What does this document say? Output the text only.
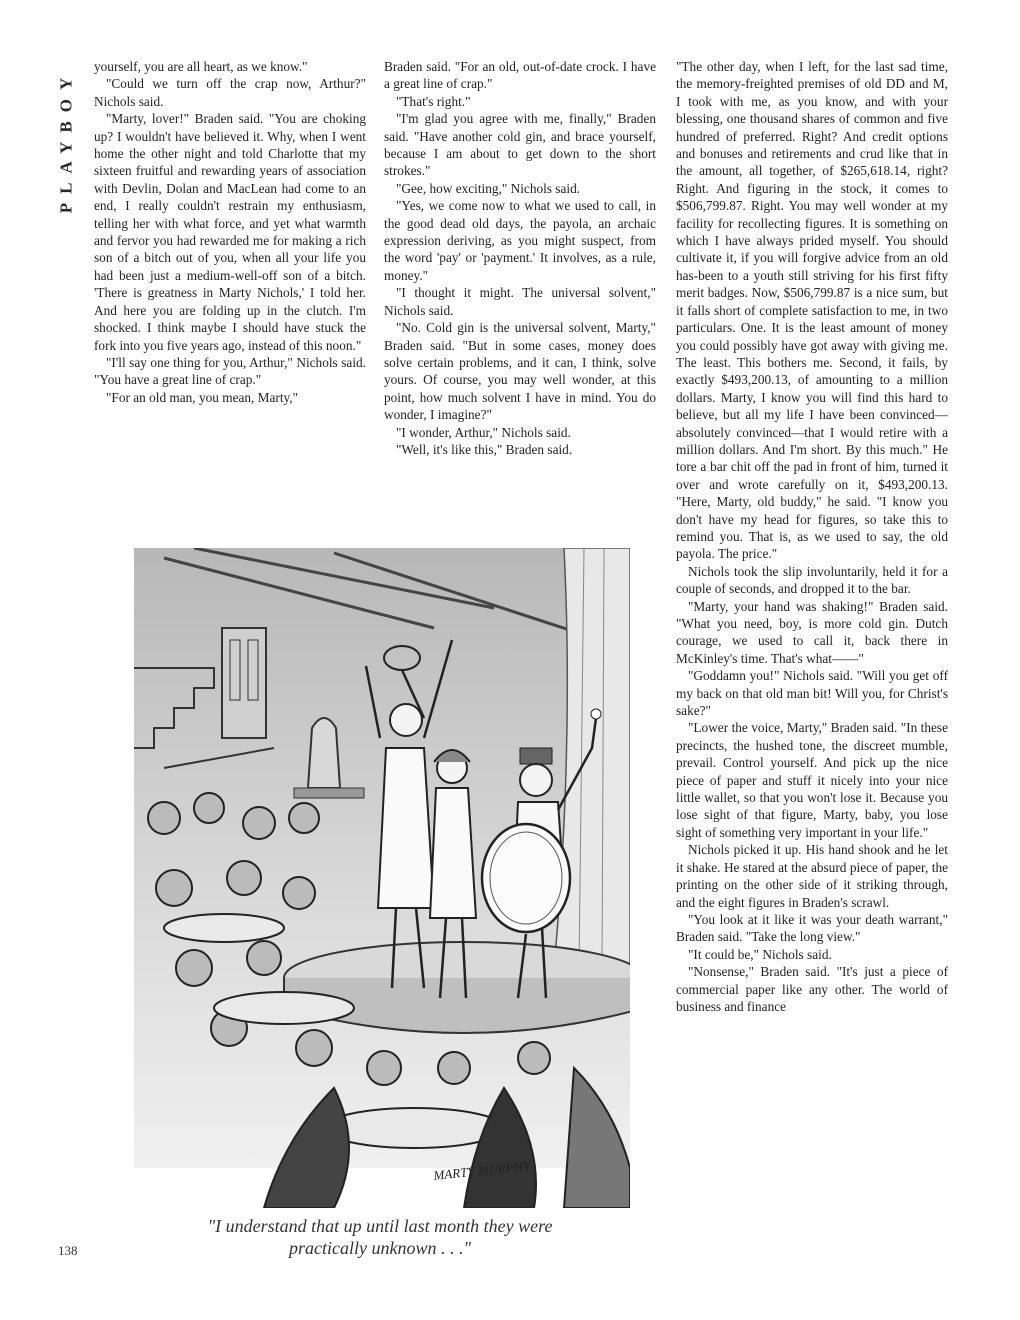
PLAYBOY

yourself, you are all heart, as we know."

"Could we turn off the crap now, Arthur?" Nichols said.

"Marty, lover!" Braden said. "You are choking up? I wouldn't have believed it. Why, when I went home the other night and told Charlotte that my sixteen fruitful and rewarding years of association with Devlin, Dolan and MacLean had come to an end, I really couldn't restrain my enthusiasm, telling her with what force, and yet what warmth and fervor you had rewarded me for making a rich son of a bitch out of you, when all your life you had been just a medium-well-off son of a bitch. 'There is greatness in Marty Nichols,' I told her. And here you are folding up in the clutch. I'm shocked. I think maybe I should have stuck the fork into you five years ago, instead of this noon."

"I'll say one thing for you, Arthur," Nichols said. "You have a great line of crap."

"For an old man, you mean, Marty,"

Braden said. "For an old, out-of-date crock. I have a great line of crap."

"That's right."

"I'm glad you agree with me, finally," Braden said. "Have another cold gin, and brace yourself, because I am about to get down to the short strokes."

"Gee, how exciting," Nichols said.

"Yes, we come now to what we used to call, in the good dead old days, the payola, an archaic expression deriving, as you might suspect, from the word 'pay' or 'payment.' It involves, as a rule, money."

"I thought it might. The universal solvent," Nichols said.

"No. Cold gin is the universal solvent, Marty," Braden said. "But in some cases, money does solve certain problems, and it can, I think, solve yours. Of course, you may well wonder, at this point, how much solvent I have in mind. You do wonder, I imagine?"

"I wonder, Arthur," Nichols said.

"Well, it's like this," Braden said.

"The other day, when I left, for the last sad time, the memory-freighted premises of old DD and M, I took with me, as you know, and with your blessing, one thousand shares of common and five hundred of preferred. Right? And credit options and bonuses and retirements and crud like that in the amount, all together, of $265,618.14, right? Right. And figuring in the stock, it comes to $506,799.87. Right. You may well wonder at my facility for recollecting figures. It is something on which I have always prided myself. You should cultivate it, if you will forgive advice from an old has-been to a youth still striving for his first fifty merit badges. Now, $506,799.87 is a nice sum, but it falls short of complete satisfaction to me, in two particulars. One. It is the least amount of money you could possibly have got away with giving me. The least. This bothers me. Second, it fails, by exactly $493,200.13, of amounting to a million dollars. Marty, I know you will find this hard to believe, but all my life I have been convinced—absolutely convinced—that I would retire with a million dollars. And I'm short. By this much." He tore a bar chit off the pad in front of him, turned it over and wrote carefully on it, $493,200.13. "Here, Marty, old buddy," he said. "I know you don't have my head for figures, so take this to remind you. That is, as we used to say, the old payola. The price."

Nichols took the slip involuntarily, held it for a couple of seconds, and dropped it to the bar.

"Marty, your hand was shaking!" Braden said. "What you need, boy, is more cold gin. Dutch courage, we used to call it, back there in McKinley's time. That's what——"

"Goddamn you!" Nichols said. "Will you get off my back on that old man bit! Will you, for Christ's sake?"

"Lower the voice, Marty," Braden said. "In these precincts, the hushed tone, the discreet mumble, prevail. Control yourself. And pick up the nice piece of paper and stuff it nicely into your nice little wallet, so that you won't lose it. Because you lose sight of that figure, Marty, baby, you lose sight of something very important in your life."

Nichols picked it up. His hand shook and he let it shake. He stared at the absurd piece of paper, the printing on the other side of it striking through, and the eight figures in Braden's scrawl.

"You look at it like it was your death warrant," Braden said. "Take the long view."

"It could be," Nichols said.

"Nonsense," Braden said. "It's just a piece of commercial paper like any other. The world of business and finance

MARTY MURPHY
"I understand that up until last month they were practically unknown . . ."
138
